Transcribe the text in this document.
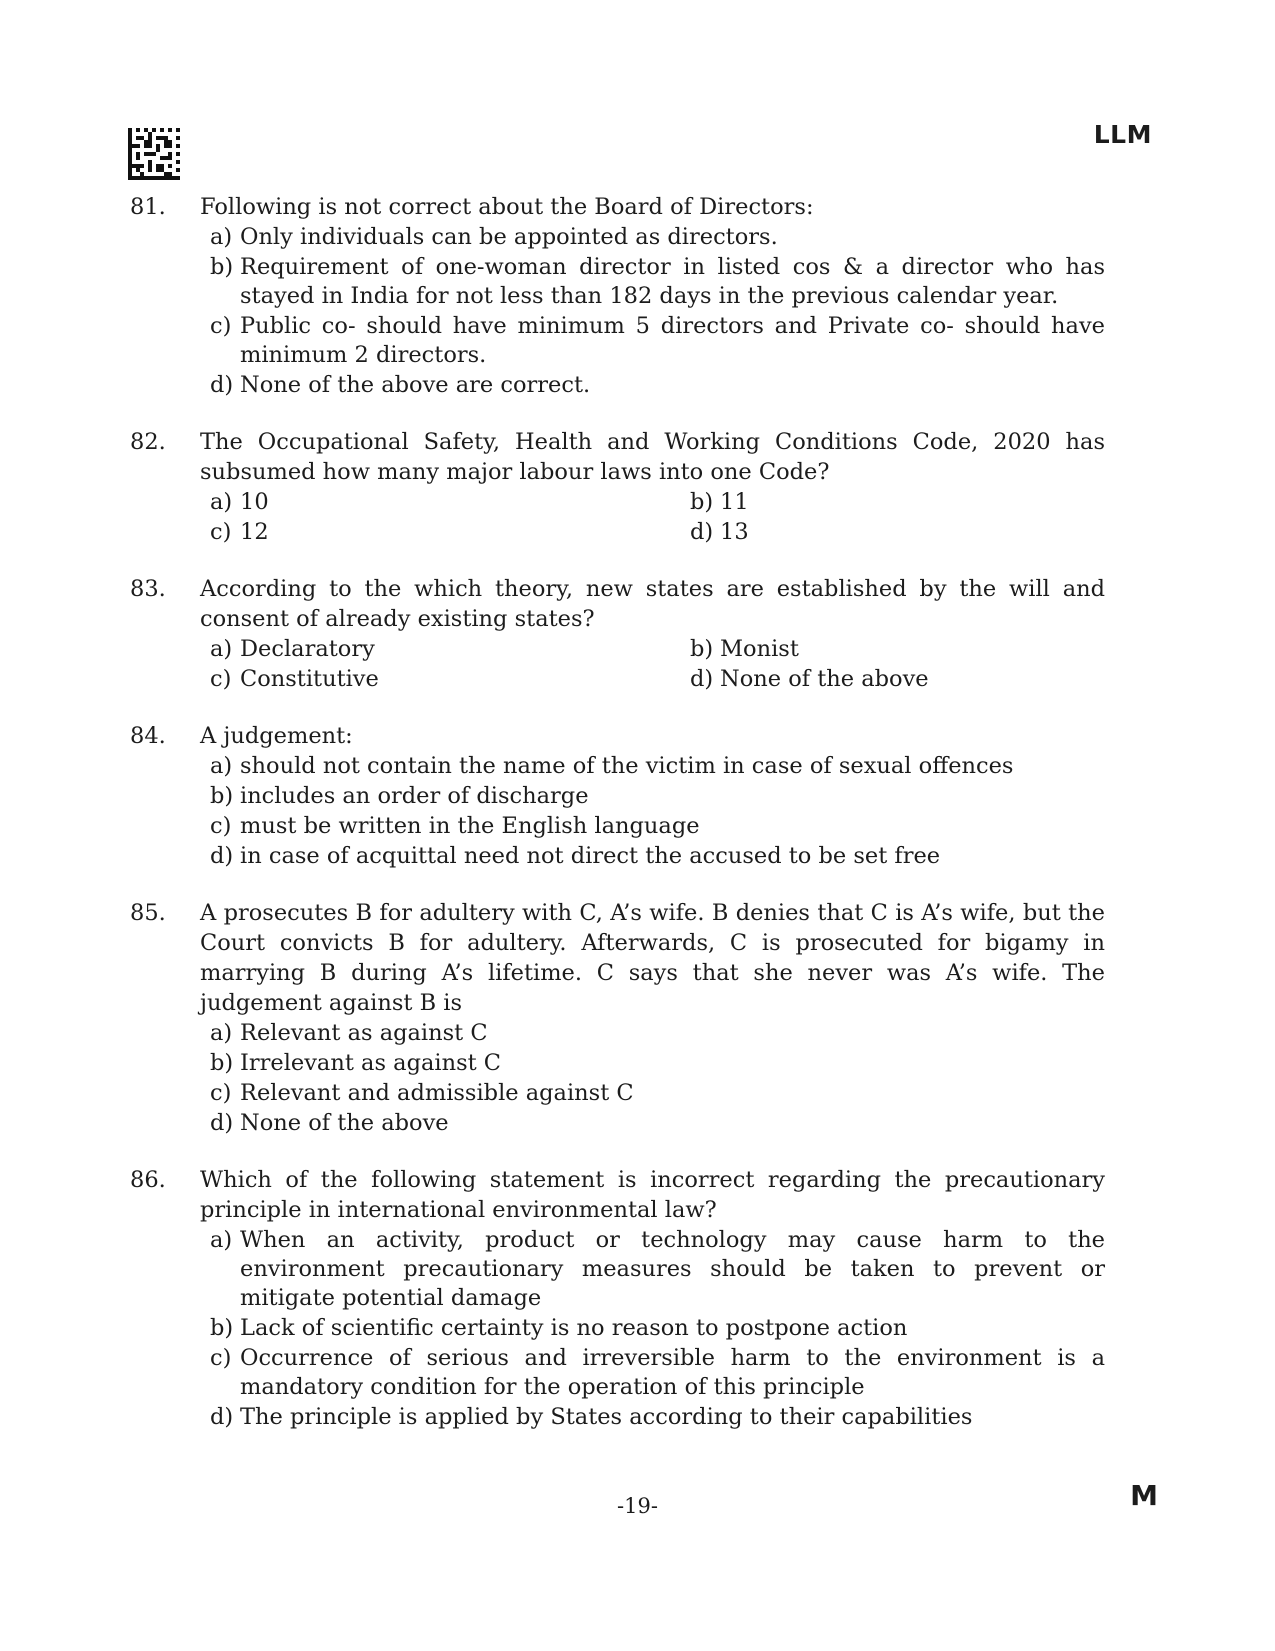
LLM
81.	Following is not correct about the Board of Directors:
a) Only individuals can be appointed as directors.
b) Requirement of one-woman director in listed cos & a director who has stayed in India for not less than 182 days in the previous calendar year.
c) Public co- should have minimum 5 directors and Private co- should have minimum 2 directors.
d) None of the above are correct.
82.	The Occupational Safety, Health and Working Conditions Code, 2020 has subsumed how many major labour laws into one Code?
a) 10	b) 11
c) 12	d) 13
83.	According to the which theory, new states are established by the will and consent of already existing states?
a) Declaratory	b) Monist
c) Constitutive	d) None of the above
84.	A judgement:
a) should not contain the name of the victim in case of sexual offences
b) includes an order of discharge
c) must be written in the English language
d) in case of acquittal need not direct the accused to be set free
85.	A prosecutes B for adultery with C, A’s wife. B denies that C is A’s wife, but the Court convicts B for adultery. Afterwards, C is prosecuted for bigamy in marrying B during A’s lifetime. C says that she never was A’s wife. The judgement against B is
a) Relevant as against C
b) Irrelevant as against C
c) Relevant and admissible against C
d) None of the above
86.	Which of the following statement is incorrect regarding the precautionary principle in international environmental law?
a) When an activity, product or technology may cause harm to the environment precautionary measures should be taken to prevent or mitigate potential damage
b) Lack of scientific certainty is no reason to postpone action
c) Occurrence of serious and irreversible harm to the environment is a mandatory condition for the operation of this principle
d) The principle is applied by States according to their capabilities
-19-	M
